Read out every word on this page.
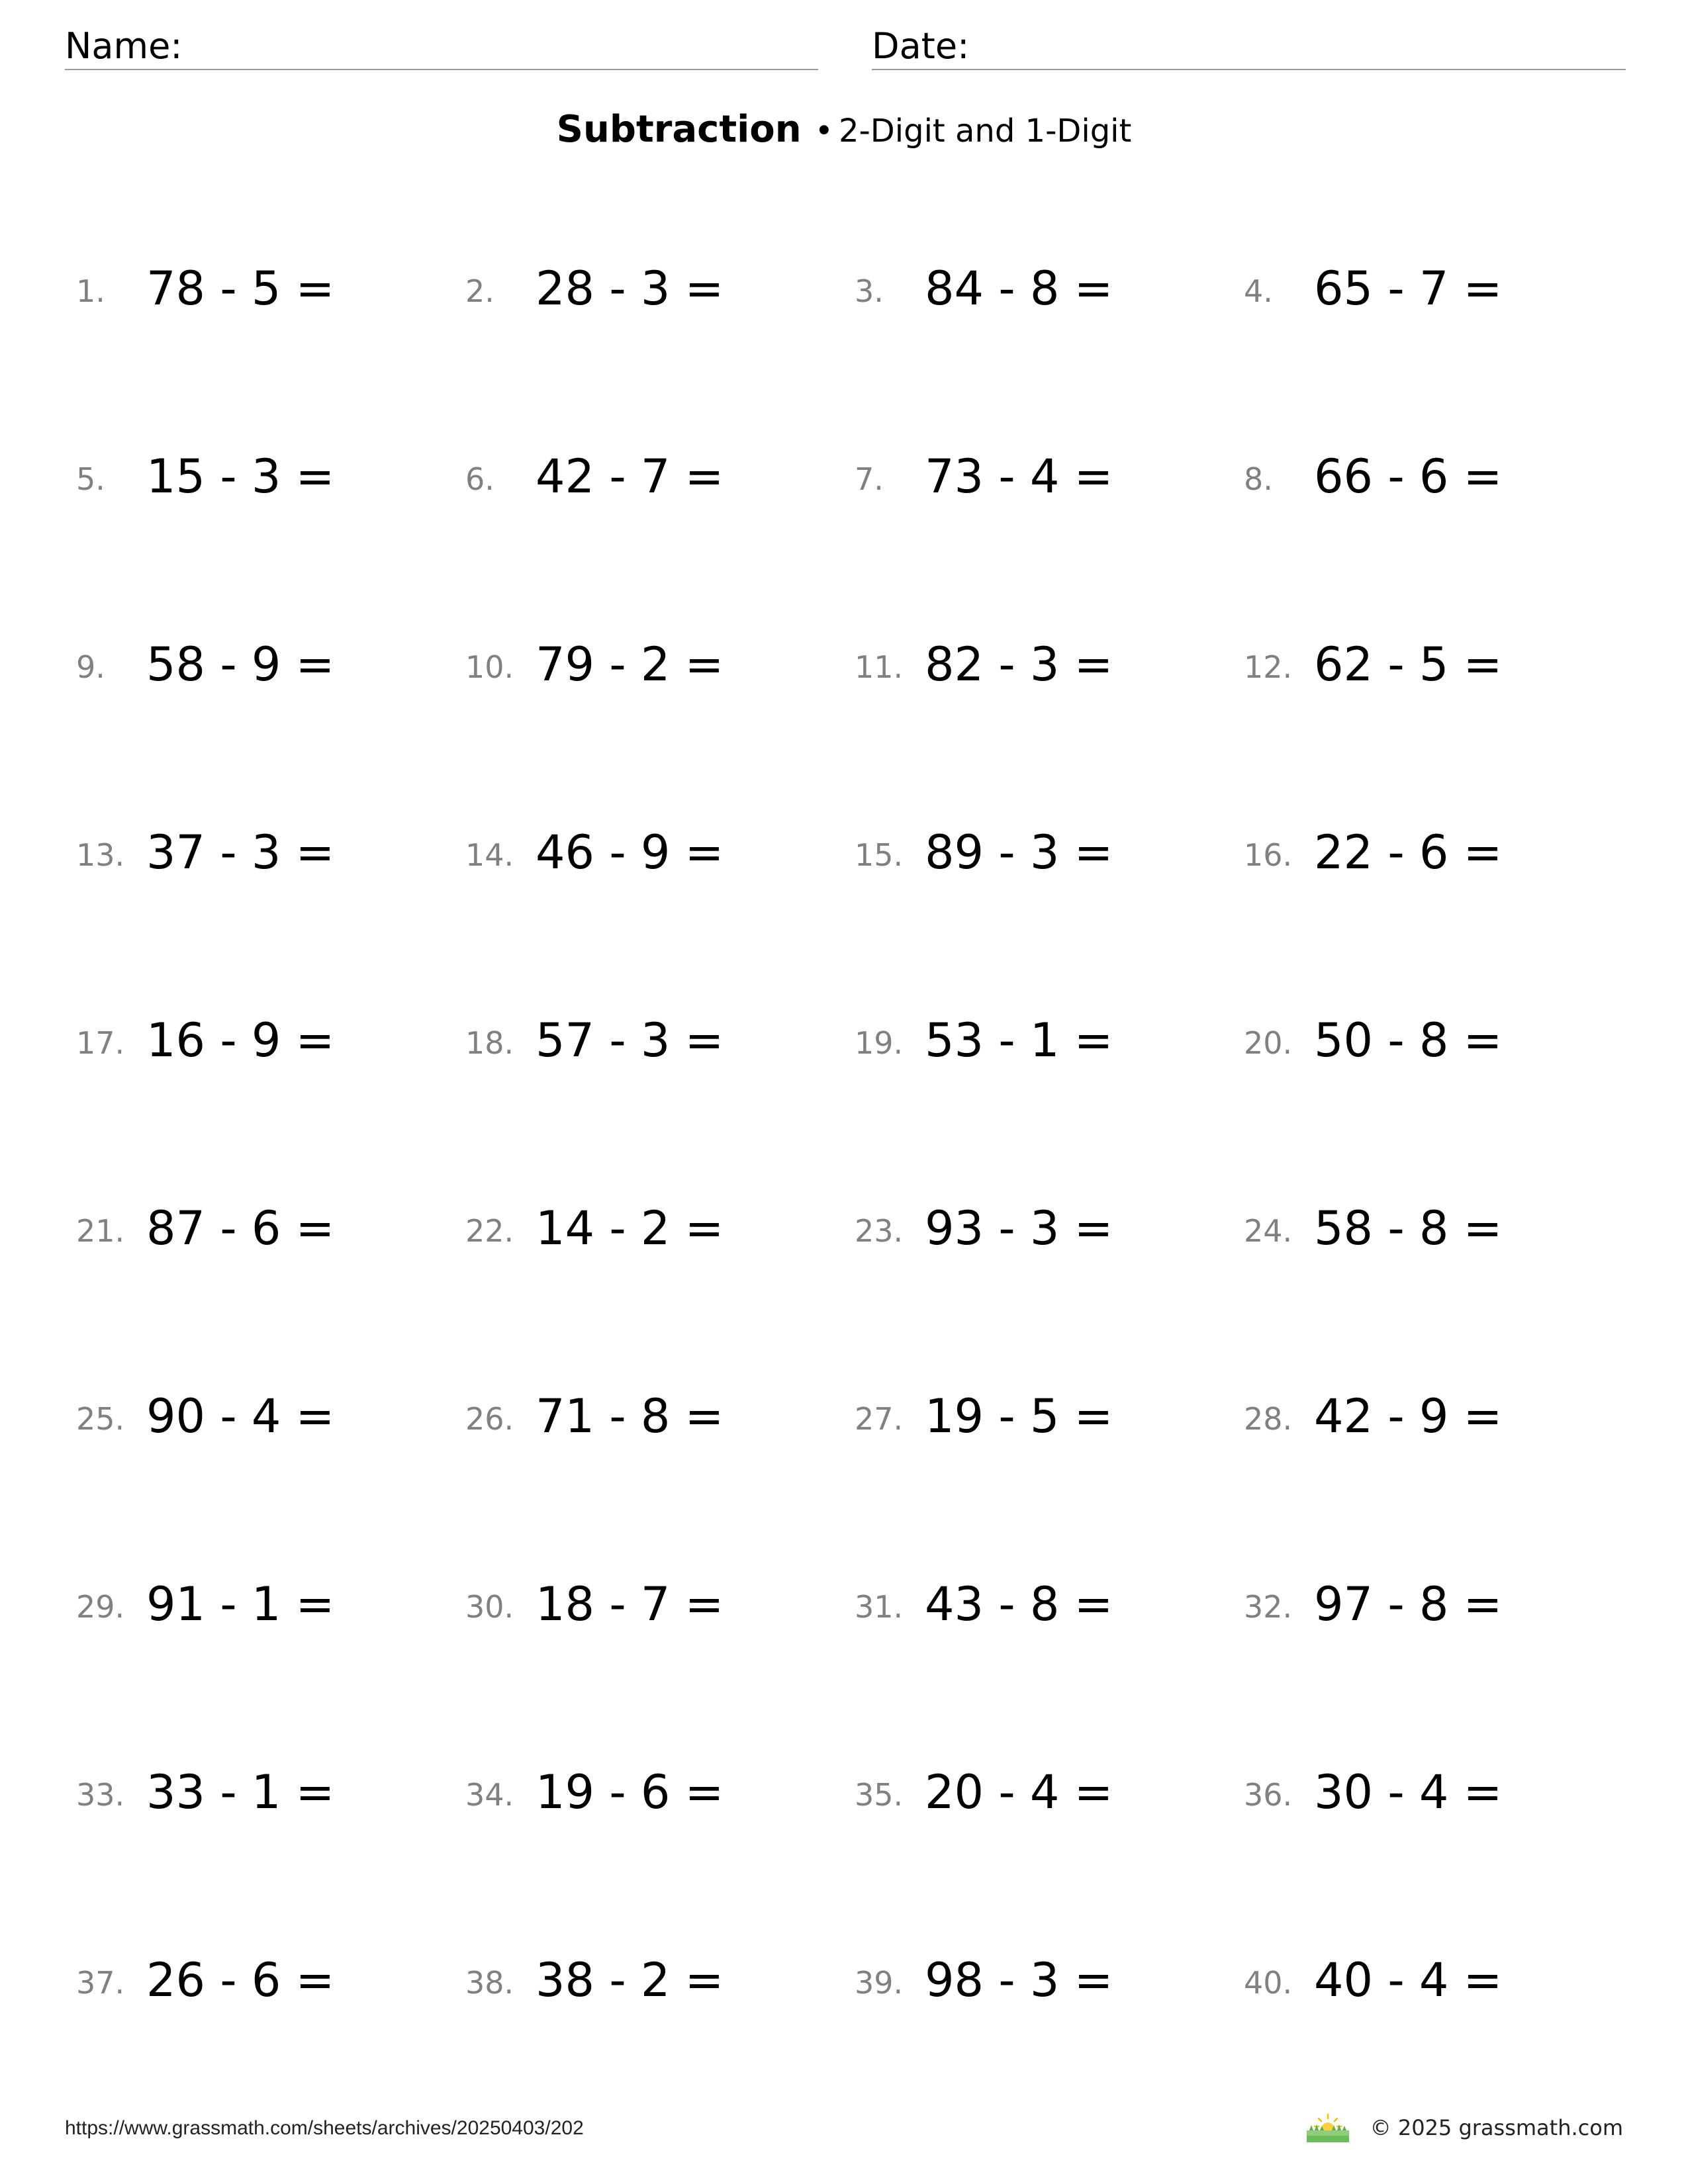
Name:	Date:
Subtraction • 2-Digit and 1-Digit
1. 78 - 5 =	2. 28 - 3 =	3. 84 - 8 =	4. 65 - 7 =
5. 15 - 3 =	6. 42 - 7 =	7. 73 - 4 =	8. 66 - 6 =
9. 58 - 9 =	10. 79 - 2 =	11. 82 - 3 =	12. 62 - 5 =
13. 37 - 3 =	14. 46 - 9 =	15. 89 - 3 =	16. 22 - 6 =
17. 16 - 9 =	18. 57 - 3 =	19. 53 - 1 =	20. 50 - 8 =
21. 87 - 6 =	22. 14 - 2 =	23. 93 - 3 =	24. 58 - 8 =
25. 90 - 4 =	26. 71 - 8 =	27. 19 - 5 =	28. 42 - 9 =
29. 91 - 1 =	30. 18 - 7 =	31. 43 - 8 =	32. 97 - 8 =
33. 33 - 1 =	34. 19 - 6 =	35. 20 - 4 =	36. 30 - 4 =
37. 26 - 6 =	38. 38 - 2 =	39. 98 - 3 =	40. 40 - 4 =
https://www.grassmath.com/sheets/archives/20250403/202	© 2025 grassmath.com
